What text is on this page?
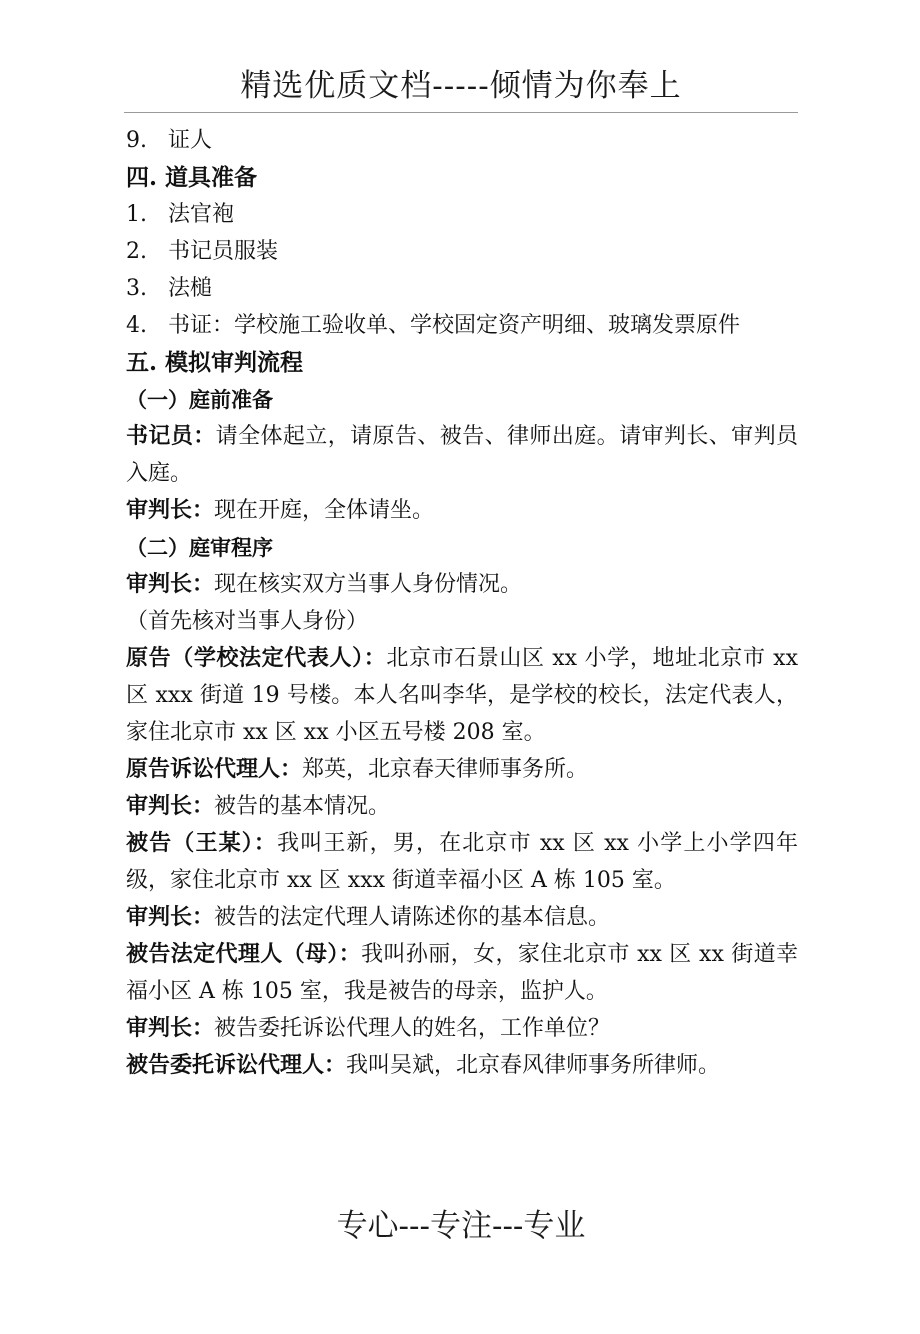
精选优质文档-----倾情为你奉上
9. 证人
四. 道具准备
1. 法官袍
2. 书记员服装
3. 法槌
4. 书证：学校施工验收单、学校固定资产明细、玻璃发票原件
五. 模拟审判流程
（一）庭前准备
书记员：请全体起立，请原告、被告、律师出庭。请审判长、审判员入庭。
审判长：现在开庭，全体请坐。
（二）庭审程序
审判长：现在核实双方当事人身份情况。
（首先核对当事人身份）
原告（学校法定代表人）：北京市石景山区 xx 小学，地址北京市 xx 区 xxx 街道 19 号楼。本人名叫李华，是学校的校长，法定代表人，家住北京市 xx 区 xx 小区五号楼 208 室。
原告诉讼代理人：郑英，北京春天律师事务所。
审判长：被告的基本情况。
被告（王某）：我叫王新，男，在北京市 xx 区 xx 小学上小学四年级，家住北京市 xx 区 xxx 街道幸福小区 A 栋 105 室。
审判长：被告的法定代理人请陈述你的基本信息。
被告法定代理人（母）：我叫孙丽，女，家住北京市 xx 区 xx 街道幸福小区 A 栋 105 室，我是被告的母亲，监护人。
审判长：被告委托诉讼代理人的姓名，工作单位？
被告委托诉讼代理人：我叫吴斌，北京春风律师事务所律师。
专心---专注---专业
